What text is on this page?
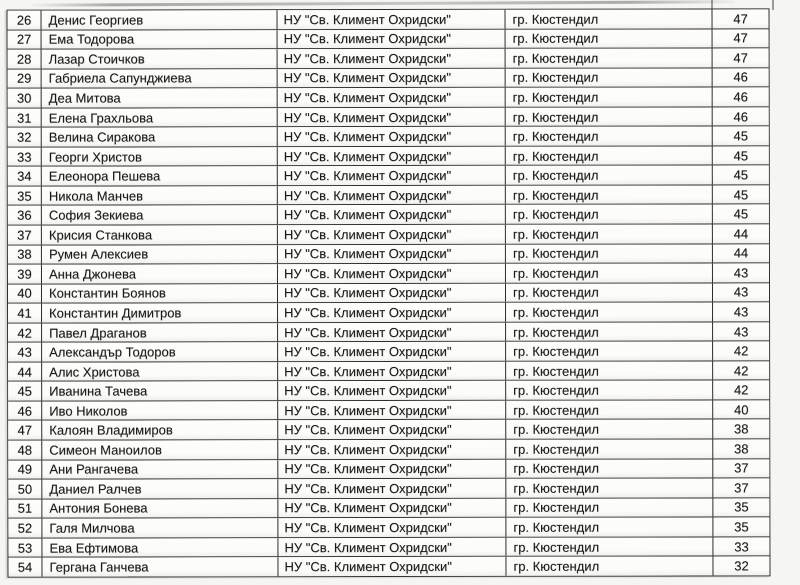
26	Денис Георгиев	НУ "Св. Климент Охридски"	гр. Кюстендил	47
27	Ема Тодорова	НУ "Св. Климент Охридски"	гр. Кюстендил	47
28	Лазар Стоичков	НУ "Св. Климент Охридски"	гр. Кюстендил	47
29	Габриела Сапунджиева	НУ "Св. Климент Охридски"	гр. Кюстендил	46
30	Деа Митова	НУ "Св. Климент Охридски"	гр. Кюстендил	46
31	Елена Грахльова	НУ "Св. Климент Охридски"	гр. Кюстендил	46
32	Велина Сиракова	НУ "Св. Климент Охридски"	гр. Кюстендил	45
33	Георги Христов	НУ "Св. Климент Охридски"	гр. Кюстендил	45
34	Елеонора Пешева	НУ "Св. Климент Охридски"	гр. Кюстендил	45
35	Никола Манчев	НУ "Св. Климент Охридски"	гр. Кюстендил	45
36	София Зекиева	НУ "Св. Климент Охридски"	гр. Кюстендил	45
37	Крисия Станкова	НУ "Св. Климент Охридски"	гр. Кюстендил	44
38	Румен Алексиев	НУ "Св. Климент Охридски"	гр. Кюстендил	44
39	Анна Джонева	НУ "Св. Климент Охридски"	гр. Кюстендил	43
40	Константин Боянов	НУ "Св. Климент Охридски"	гр. Кюстендил	43
41	Константин Димитров	НУ "Св. Климент Охридски"	гр. Кюстендил	43
42	Павел Драганов	НУ "Св. Климент Охридски"	гр. Кюстендил	43
43	Александър Тодоров	НУ "Св. Климент Охридски"	гр. Кюстендил	42
44	Алис Христова	НУ "Св. Климент Охридски"	гр. Кюстендил	42
45	Иванина Тачева	НУ "Св. Климент Охридски"	гр. Кюстендил	42
46	Иво Николов	НУ "Св. Климент Охридски"	гр. Кюстендил	40
47	Калоян Владимиров	НУ "Св. Климент Охридски"	гр. Кюстендил	38
48	Симеон Маноилов	НУ "Св. Климент Охридски"	гр. Кюстендил	38
49	Ани Рангачева	НУ "Св. Климент Охридски"	гр. Кюстендил	37
50	Даниел Ралчев	НУ "Св. Климент Охридски"	гр. Кюстендил	37
51	Антония Бонева	НУ "Св. Климент Охридски"	гр. Кюстендил	35
52	Галя Милчова	НУ "Св. Климент Охридски"	гр. Кюстендил	35
53	Ева Ефтимова	НУ "Св. Климент Охридски"	гр. Кюстендил	33
54	Гергана Ганчева	НУ "Св. Климент Охридски"	гр. Кюстендил	32
